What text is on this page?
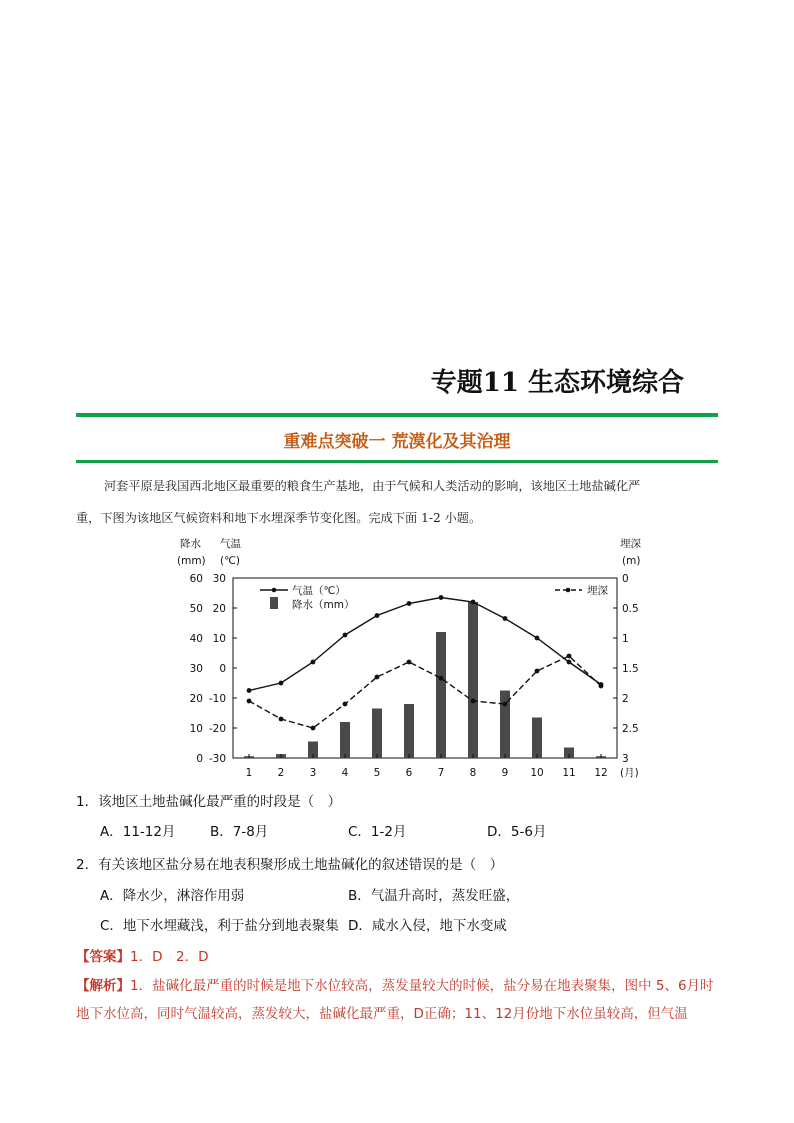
专题11 生态环境综合
重难点突破一 荒漠化及其治理
河套平原是我国西北地区最重要的粮食生产基地，由于气候和人类活动的影响，该地区土地盐碱化严
重，下图为该地区气候资料和地下水埋深季节变化图。完成下面 1-2 小题。
降水
(mm)
气温
(℃)
埋深
(m)
60 30	0
50 20	0.5
40 10	1
30 0	1.5
20 -10	2
10 -20	2.5
0 -30	3
1 2 3 4 5 6 7 8 9 10 11 12 (月)
气温（℃）
降水（mm）
埋深
1．该地区土地盐碱化最严重的时段是（　）
A．11-12月	B．7-8月	C．1-2月	D．5-6月
2．有关该地区盐分易在地表积聚形成土地盐碱化的叙述错误的是（　）
A．降水少，淋溶作用弱	B．气温升高时，蒸发旺盛，
C．地下水埋藏浅，利于盐分到地表聚集 D．咸水入侵，地下水变咸
【答案】1．D　2．D
【解析】1．盐碱化最严重的时候是地下水位较高，蒸发量较大的时候，盐分易在地表聚集，图中 5、6月时地下水位高，同时气温较高，蒸发较大，盐碱化最严重，D正确；11、12月份地下水位虽较高，但气温
